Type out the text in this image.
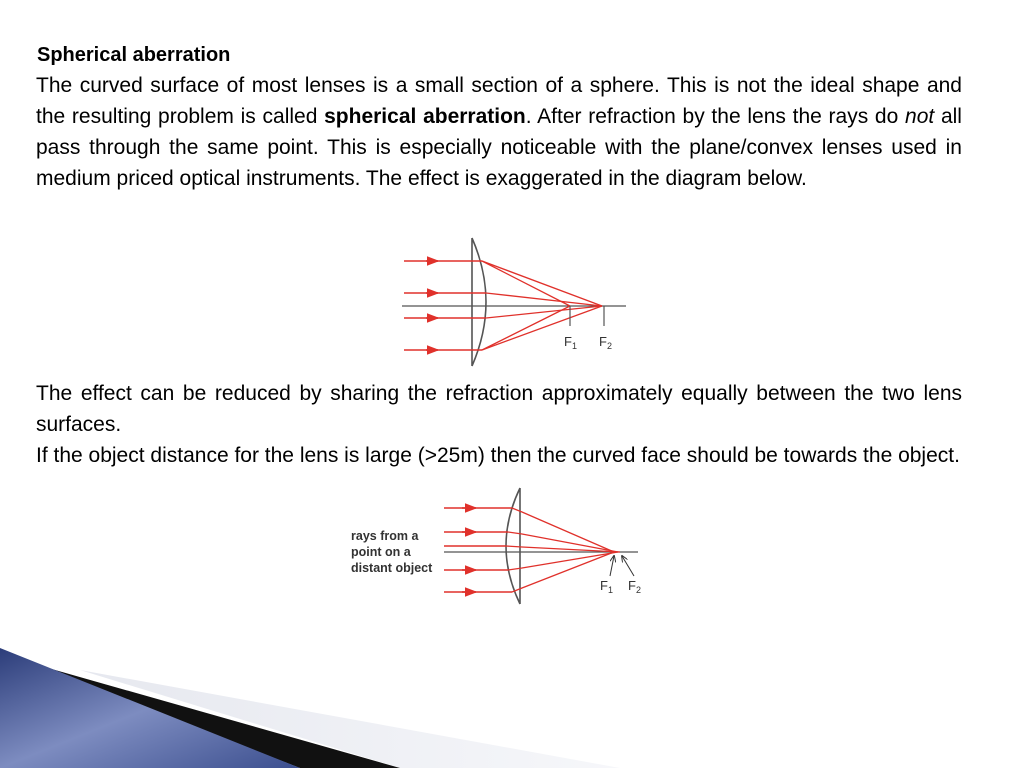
Spherical aberration

The curved surface of most lenses is a small section of a sphere. This is not the ideal shape and the resulting problem is called spherical aberration. After refraction by the lens the rays do not all pass through the same point. This is especially noticeable with the plane/convex lenses used in medium priced optical instruments. The effect is exaggerated in the diagram below.

$F_1$ $F_2$

The effect can be reduced by sharing the refraction approximately equally between the two lens surfaces.

If the object distance for the lens is large (>25m) then the curved face should be towards the object.

rays from a point on a distant object
$F_1$ $F_2$
